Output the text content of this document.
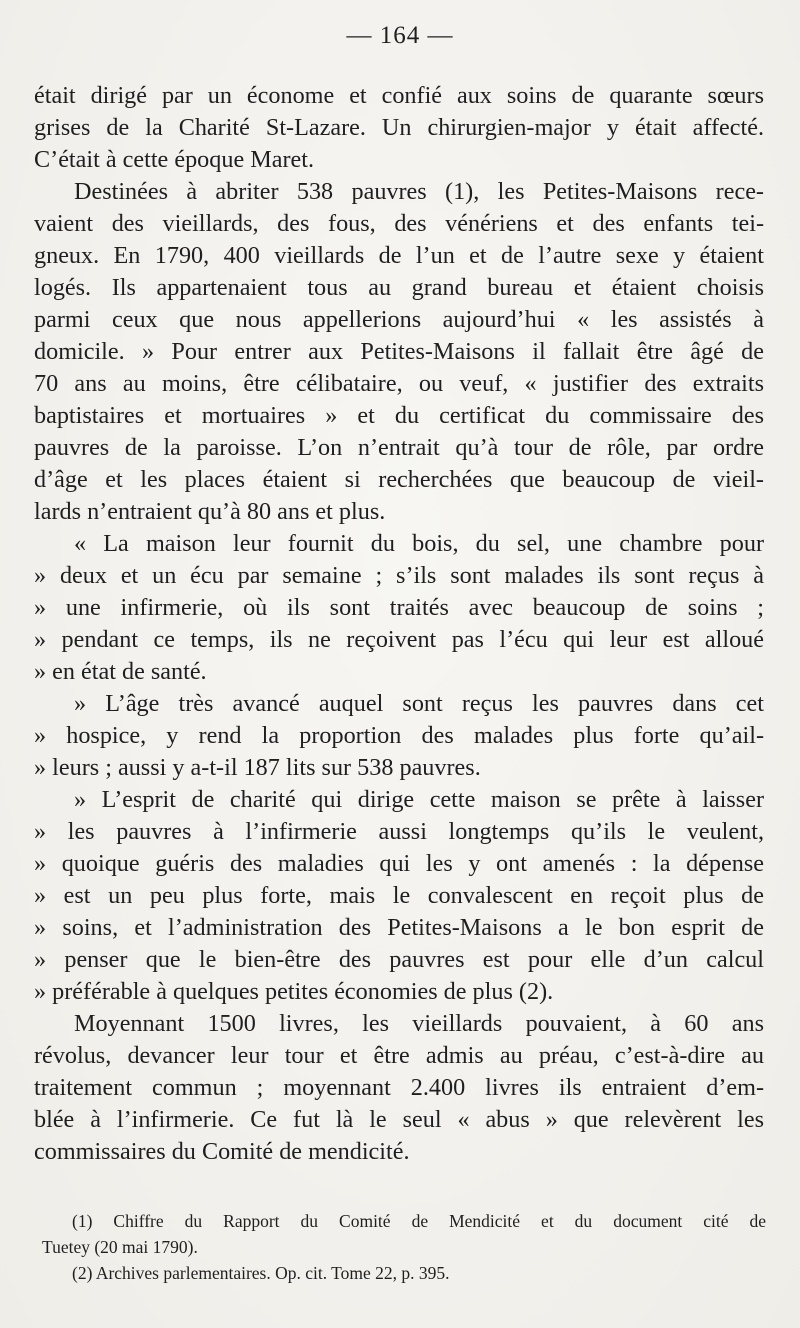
— 164 —
était dirigé par un économe et confié aux soins de quarante sœurs
grises de la Charité St-Lazare. Un chirurgien-major y était affecté.
C’était à cette époque Maret.
Destinées à abriter 538 pauvres (1), les Petites-Maisons rece-
vaient des vieillards, des fous, des vénériens et des enfants tei-
gneux. En 1790, 400 vieillards de l’un et de l’autre sexe y étaient
logés. Ils appartenaient tous au grand bureau et étaient choisis
parmi ceux que nous appellerions aujourd’hui « les assistés à
domicile. » Pour entrer aux Petites-Maisons il fallait être âgé de
70 ans au moins, être célibataire, ou veuf, « justifier des extraits
baptistaires et mortuaires » et du certificat du commissaire des
pauvres de la paroisse. L’on n’entrait qu’à tour de rôle, par ordre
d’âge et les places étaient si recherchées que beaucoup de vieil-
lards n’entraient qu’à 80 ans et plus.
« La maison leur fournit du bois, du sel, une chambre pour
» deux et un écu par semaine ; s’ils sont malades ils sont reçus à
» une infirmerie, où ils sont traités avec beaucoup de soins ;
» pendant ce temps, ils ne reçoivent pas l’écu qui leur est alloué
» en état de santé.
» L’âge très avancé auquel sont reçus les pauvres dans cet
» hospice, y rend la proportion des malades plus forte qu’ail-
» leurs ; aussi y a-t-il 187 lits sur 538 pauvres.
» L’esprit de charité qui dirige cette maison se prête à laisser
» les pauvres à l’infirmerie aussi longtemps qu’ils le veulent,
» quoique guéris des maladies qui les y ont amenés : la dépense
» est un peu plus forte, mais le convalescent en reçoit plus de
» soins, et l’administration des Petites-Maisons a le bon esprit de
» penser que le bien-être des pauvres est pour elle d’un calcul
» préférable à quelques petites économies de plus (2).
Moyennant 1500 livres, les vieillards pouvaient, à 60 ans
révolus, devancer leur tour et être admis au préau, c’est-à-dire au
traitement commun ; moyennant 2.400 livres ils entraient d’em-
blée à l’infirmerie. Ce fut là le seul « abus » que relevèrent les
commissaires du Comité de mendicité.
(1) Chiffre du Rapport du Comité de Mendicité et du document cité de
Tuetey (20 mai 1790).
(2) Archives parlementaires. Op. cit. Tome 22, p. 395.
